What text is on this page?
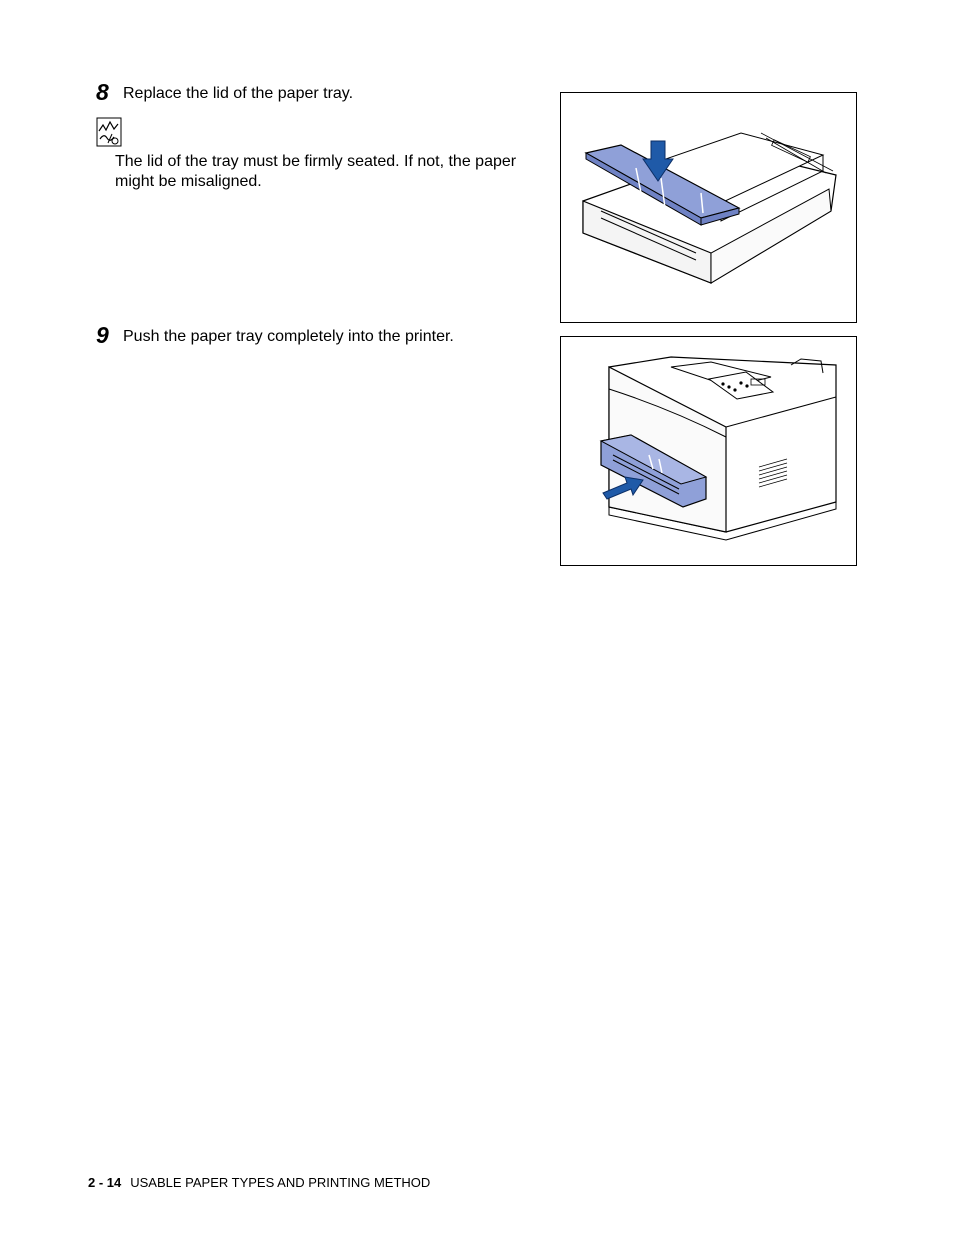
8 Replace the lid of the paper tray.
The lid of the tray must be firmly seated. If not, the paper might be misaligned.
9 Push the paper tray completely into the printer.
2 - 14 USABLE PAPER TYPES AND PRINTING METHOD
